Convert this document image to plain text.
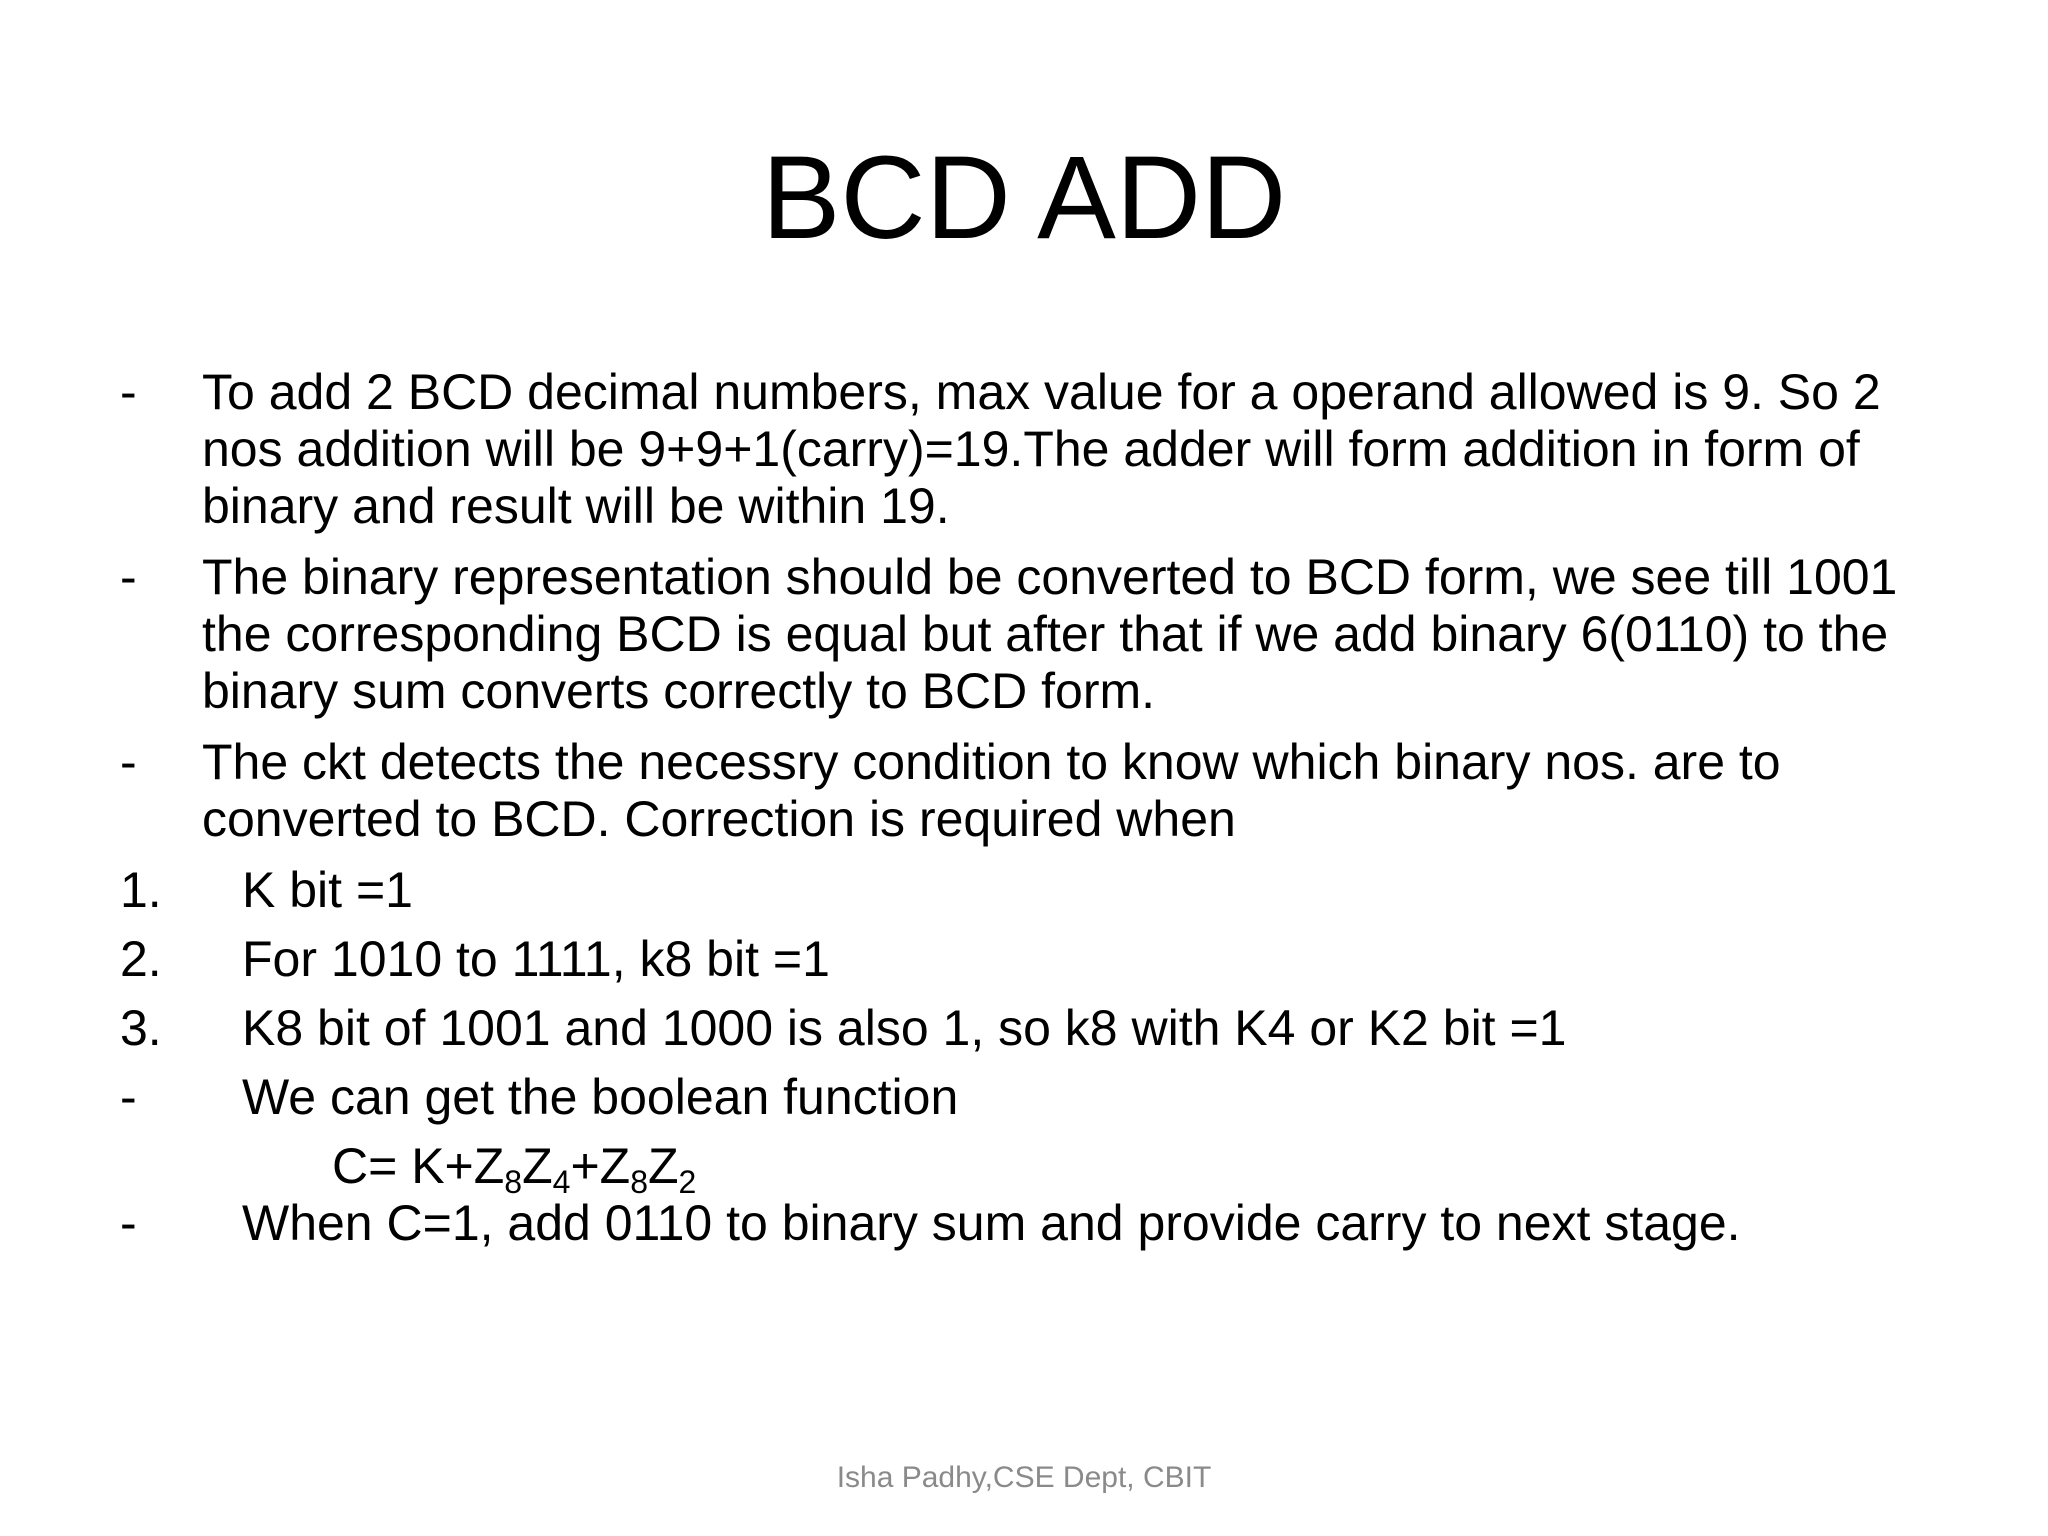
BCD ADD
- To add 2 BCD decimal numbers, max value for a operand allowed is 9. So 2 nos addition will be 9+9+1(carry)=19.The adder will form addition in form of binary and result will be within 19.
- The binary representation should be converted to BCD form, we see till 1001 the corresponding BCD is equal but after that if we add binary 6(0110) to the binary sum converts correctly to BCD form.
- The ckt detects the necessry condition to know which binary nos. are to converted to BCD. Correction is required when
1. K bit =1
2. For 1010 to 1111, k8 bit =1
3. K8 bit of 1001 and 1000 is also 1, so k8 with K4 or K2 bit =1
- We can get the boolean function
$C= K+Z_8Z_4+Z_8Z_2$
- When C=1, add 0110 to binary sum and provide carry to next stage.
Isha Padhy,CSE Dept, CBIT
